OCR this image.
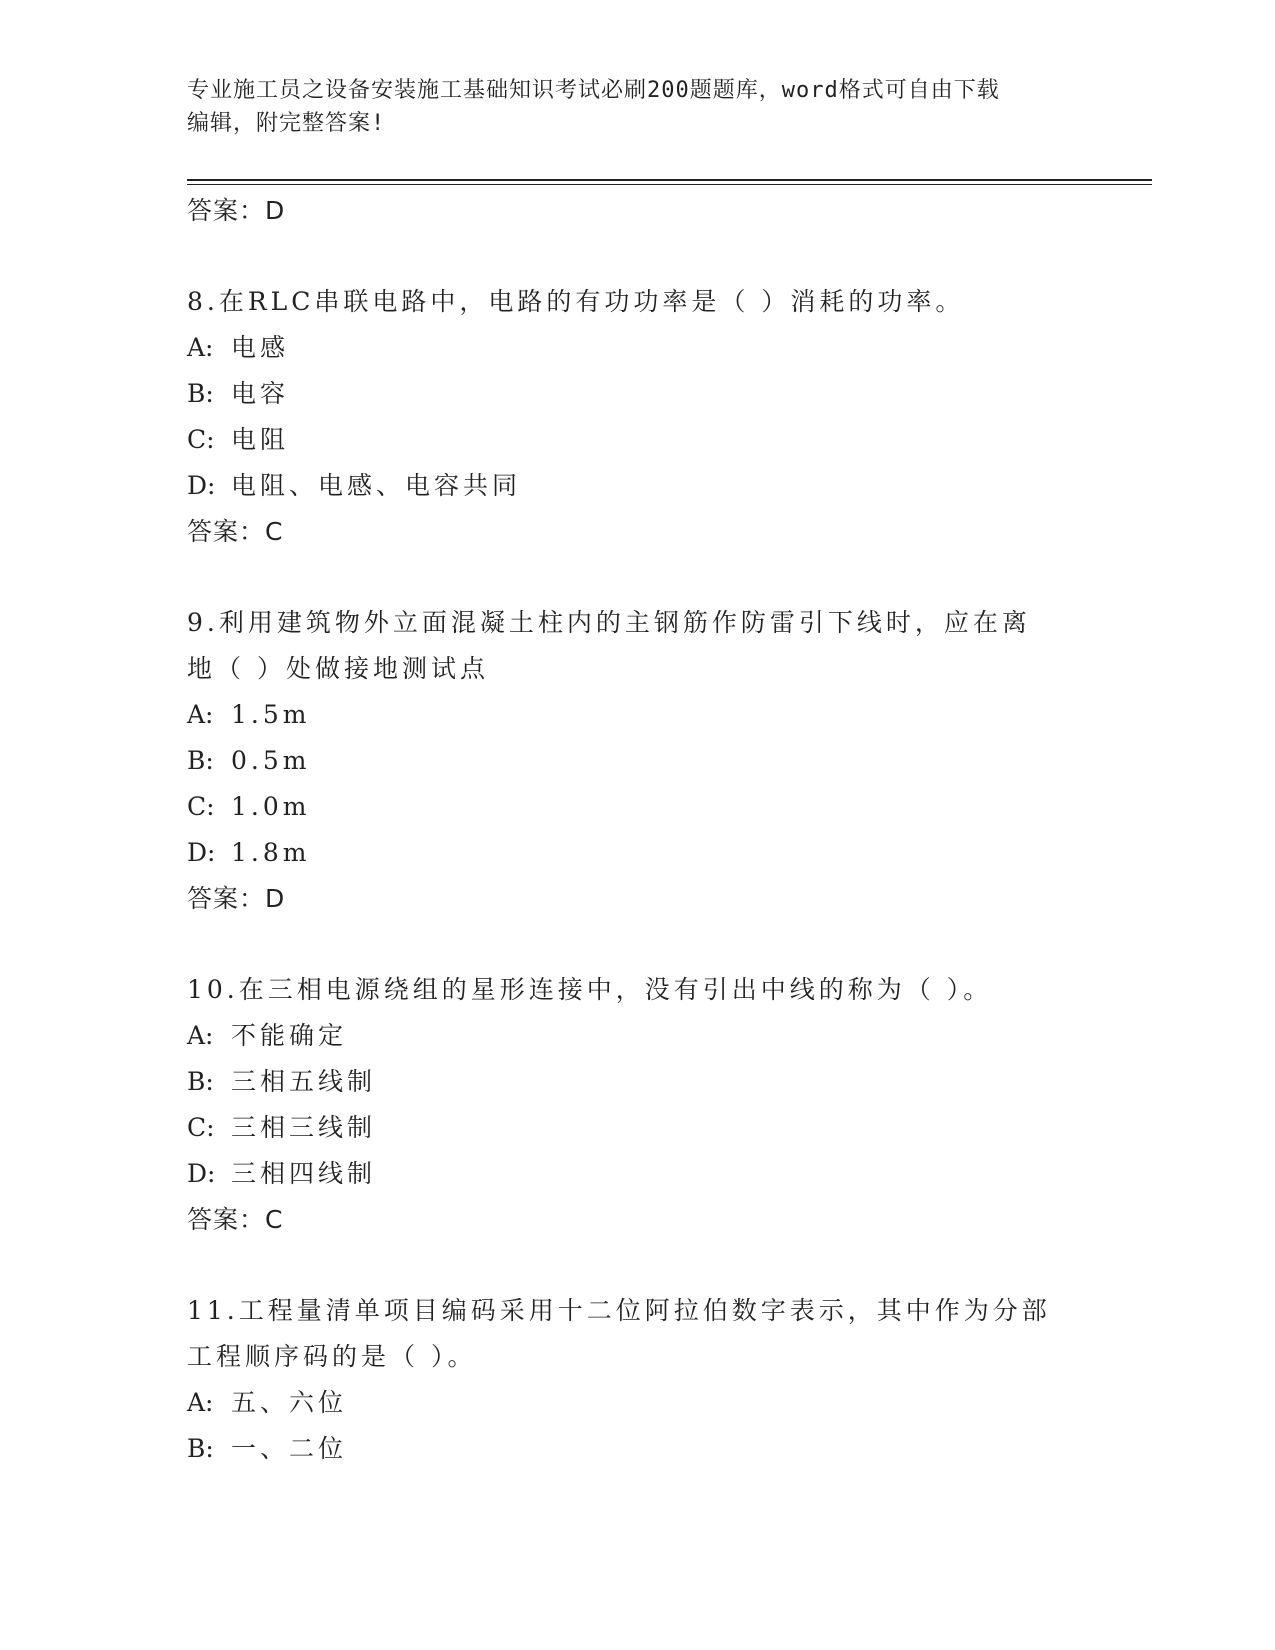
专业施工员之设备安装施工基础知识考试必刷200题题库，word格式可自由下载
编辑，附完整答案!
答案：D

8.在RLC串联电路中，电路的有功功率是（ ）消耗的功率。

A: 电感
B: 电容
C: 电阻
D: 电阻、电感、电容共同
答案：C

9.利用建筑物外立面混凝土柱内的主钢筋作防雷引下线时，应在离地（ ）处做接地测试点

A: 1.5m
B: 0.5m
C: 1.0m
D: 1.8m
答案：D

10.在三相电源绕组的星形连接中，没有引出中线的称为（ ）。

A: 不能确定
B: 三相五线制
C: 三相三线制
D: 三相四线制
答案：C

11.工程量清单项目编码采用十二位阿拉伯数字表示，其中作为分部工程顺序码的是（ ）。

A: 五、六位
B: 一、二位
